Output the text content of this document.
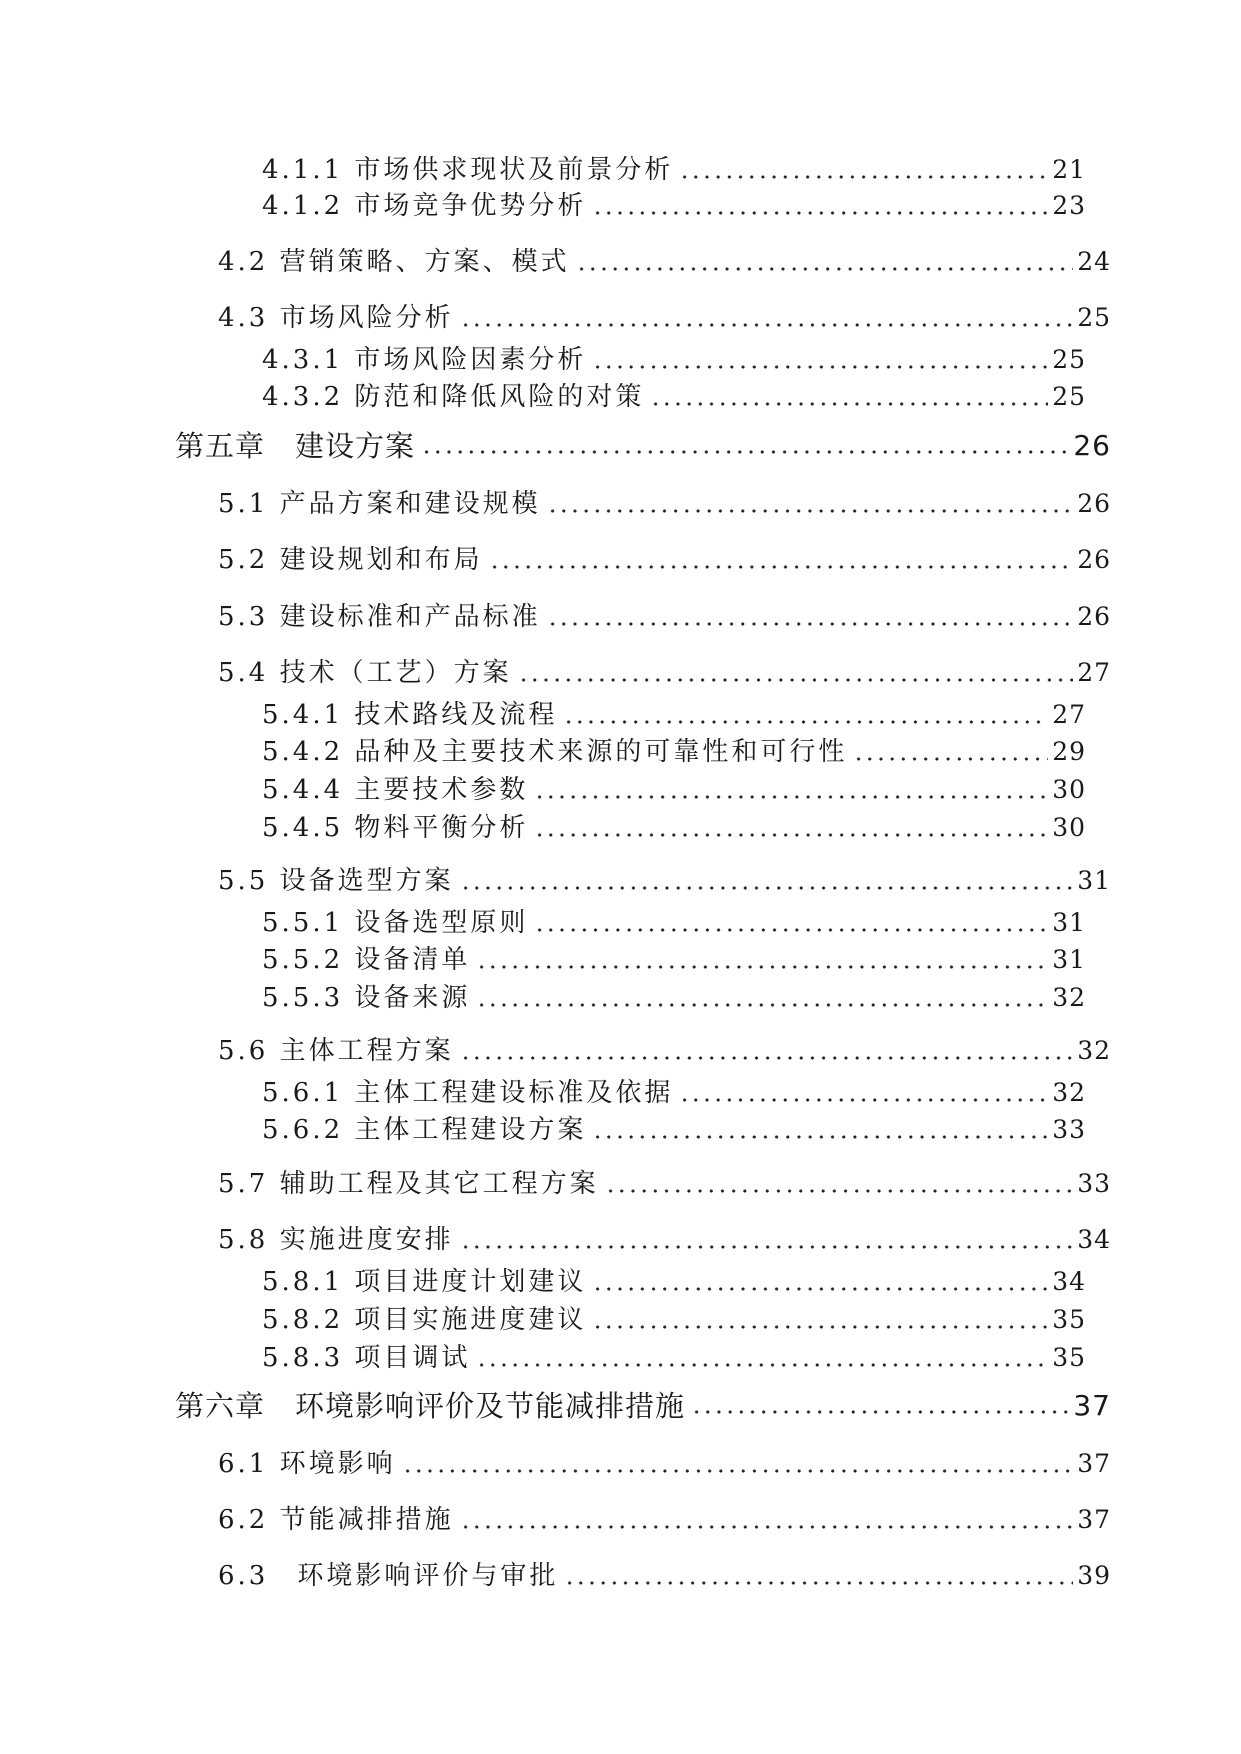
4.1.1 市场供求现状及前景分析	21
4.1.2 市场竞争优势分析	23
4.2 营销策略、方案、模式	24
4.3 市场风险分析	25
4.3.1 市场风险因素分析	25
4.3.2 防范和降低风险的对策	25
第五章　建设方案	26
5.1 产品方案和建设规模	26
5.2 建设规划和布局	26
5.3 建设标准和产品标准	26
5.4 技术（工艺）方案	27
5.4.1 技术路线及流程	27
5.4.2 品种及主要技术来源的可靠性和可行性	29
5.4.4 主要技术参数	30
5.4.5 物料平衡分析	30
5.5 设备选型方案	31
5.5.1 设备选型原则	31
5.5.2 设备清单	31
5.5.3 设备来源	32
5.6 主体工程方案	32
5.6.1 主体工程建设标准及依据	32
5.6.2 主体工程建设方案	33
5.7 辅助工程及其它工程方案	33
5.8 实施进度安排	34
5.8.1 项目进度计划建议	34
5.8.2 项目实施进度建议	35
5.8.3 项目调试	35
第六章　环境影响评价及节能减排措施	37
6.1 环境影响	37
6.2 节能减排措施	37
6.3　环境影响评价与审批	39
